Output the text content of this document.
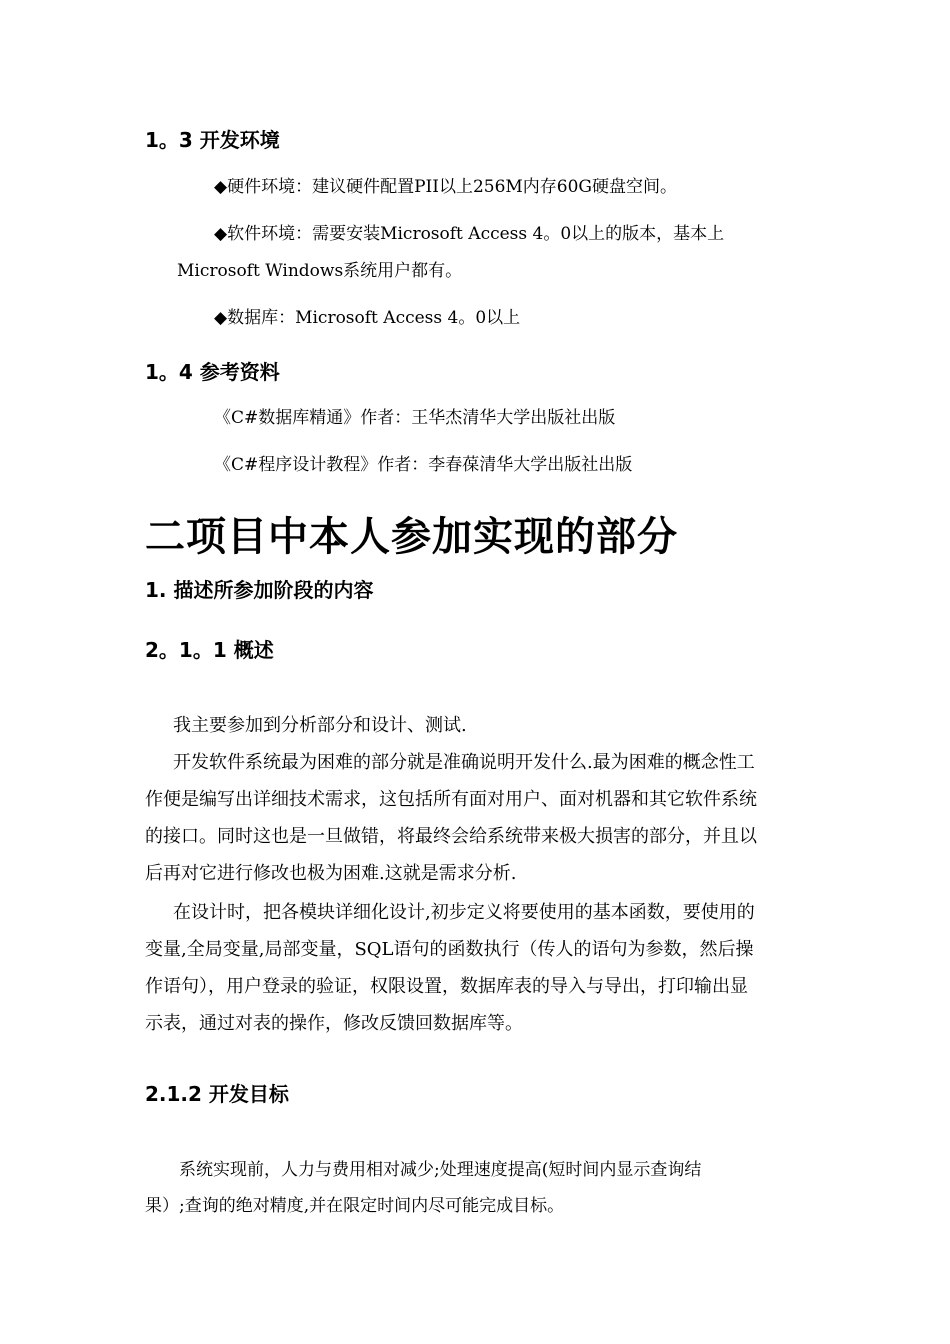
1。3 开发环境
◆硬件环境：建议硬件配置PII以上256M内存60G硬盘空间。
◆软件环境：需要安装Microsoft Access 4。0以上的版本，基本上
Microsoft Windows系统用户都有。
◆数据库：Microsoft Access 4。0以上
1。4 参考资料
《C#数据库精通》作者：王华杰清华大学出版社出版
《C#程序设计教程》作者：李春葆清华大学出版社出版
二项目中本人参加实现的部分
1. 描述所参加阶段的内容
2。1。1 概述
我主要参加到分析部分和设计、测试.
开发软件系统最为困难的部分就是准确说明开发什么.最为困难的概念性工
作便是编写出详细技术需求，这包括所有面对用户、面对机器和其它软件系统
的接口。同时这也是一旦做错，将最终会给系统带来极大损害的部分，并且以
后再对它进行修改也极为困难.这就是需求分析.
在设计时，把各模块详细化设计,初步定义将要使用的基本函数，要使用的
变量,全局变量,局部变量，SQL语句的函数执行（传人的语句为参数，然后操
作语句），用户登录的验证，权限设置，数据库表的导入与导出，打印输出显
示表，通过对表的操作，修改反馈回数据库等。
2.1.2 开发目标
系统实现前，人力与费用相对减少;处理速度提高(短时间内显示查询结
果）;查询的绝对精度,并在限定时间内尽可能完成目标。
